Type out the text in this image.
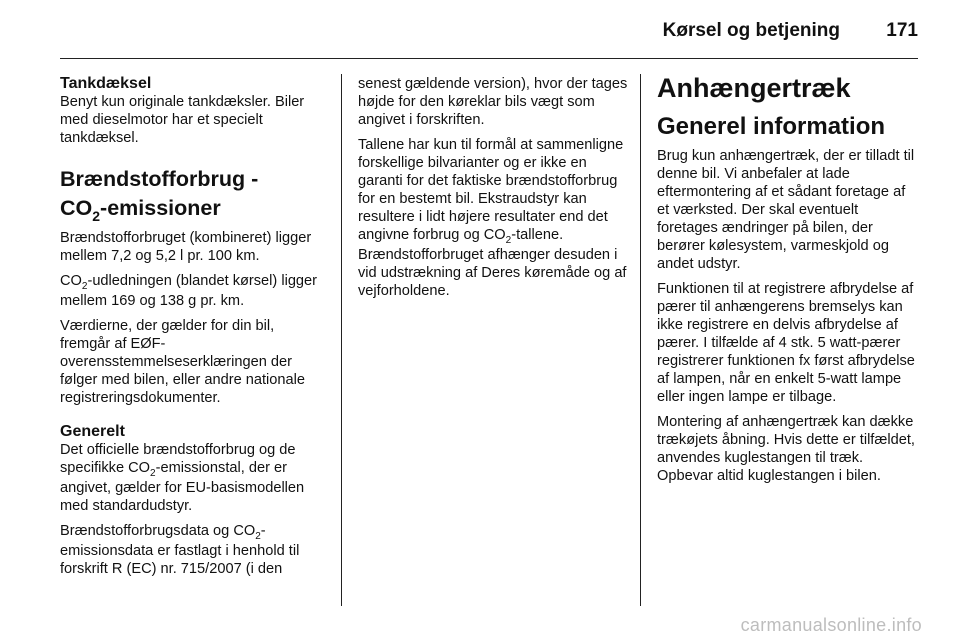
Kørsel og betjening 171
Tankdæksel
Benyt kun originale tankdæksler. Biler med dieselmotor har et specielt tankdæksel.
Brændstofforbrug -
$CO_2$-emissioner
Brændstofforbruget (kombineret) ligger mellem 7,2 og 5,2 l pr. 100 km.
$CO_2$-udledningen (blandet kørsel) ligger mellem 169 og 138 g pr. km.
Værdierne, der gælder for din bil, fremgår af EØF-overensstemmelseserklæringen der følger med bilen, eller andre nationale registreringsdokumenter.
Generelt
Det officielle brændstofforbrug og de specifikke $CO_2$-emissionstal, der er angivet, gælder for EU-basismodellen med standardudstyr.
Brændstofforbrugsdata og $CO_2$-emissionsdata er fastlagt i henhold til forskrift R (EC) nr. 715/2007 (i den
senest gældende version), hvor der tages højde for den køreklar bils vægt som angivet i forskriften.
Tallene har kun til formål at sammenligne forskellige bilvarianter og er ikke en garanti for det faktiske brændstofforbrug for en bestemt bil. Ekstraudstyr kan resultere i lidt højere resultater end det angivne forbrug og $CO_2$-tallene. Brændstofforbruget afhænger desuden i vid udstrækning af Deres køremåde og af vejforholdene.
Anhængertræk
Generel information
Brug kun anhængertræk, der er tilladt til denne bil. Vi anbefaler at lade eftermontering af et sådant foretage af et værksted. Der skal eventuelt foretages ændringer på bilen, der berører kølesystem, varmeskjold og andet udstyr.
Funktionen til at registrere afbrydelse af pærer til anhængerens bremselys kan ikke registrere en delvis afbrydelse af pærer. I tilfælde af 4 stk. 5 watt-pærer registrerer funktionen fx først afbrydelse af lampen, når en enkelt 5-watt lampe eller ingen lampe er tilbage.
Montering af anhængertræk kan dække trækøjets åbning. Hvis dette er tilfældet, anvendes kuglestangen til træk. Opbevar altid kuglestangen i bilen.
carmanualsonline.info
